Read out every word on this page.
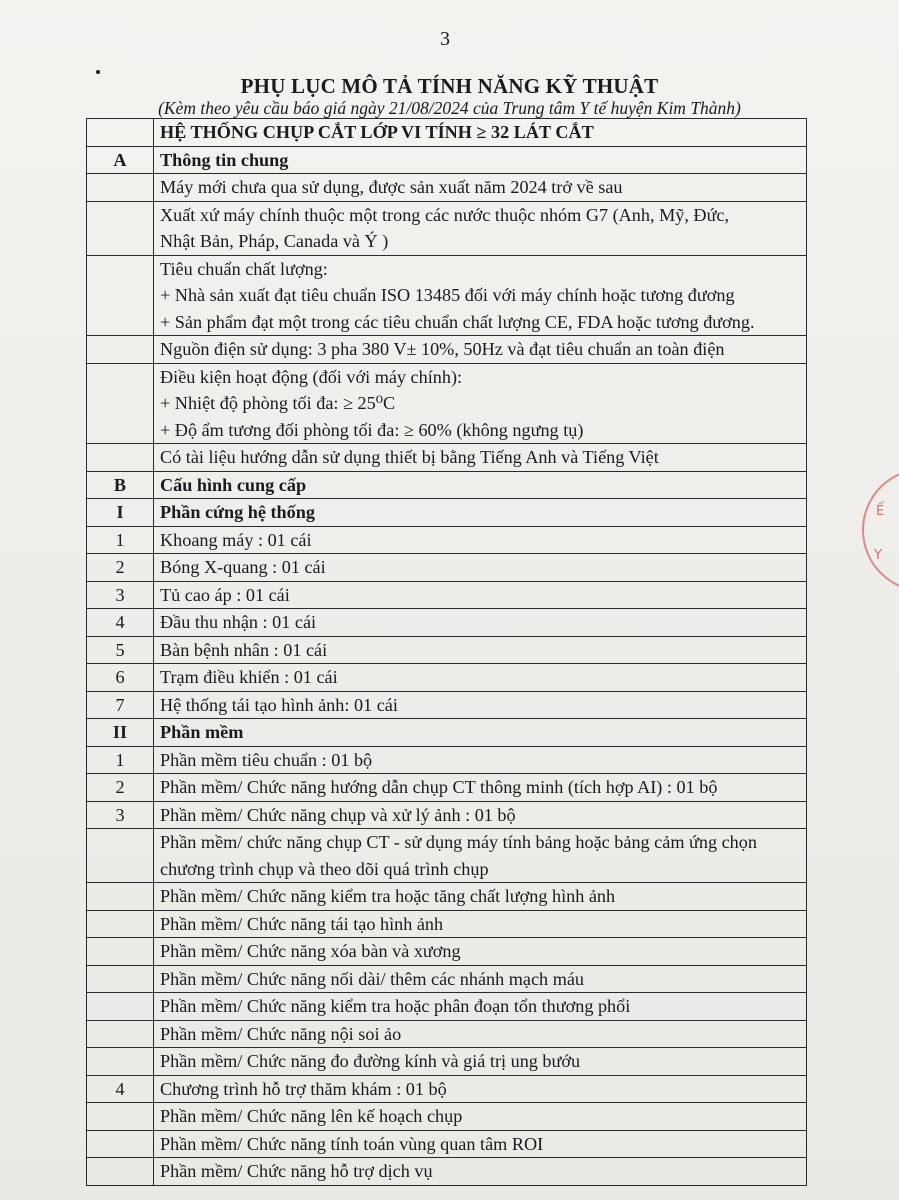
3
PHỤ LỤC MÔ TẢ TÍNH NĂNG KỸ THUẬT
(Kèm theo yêu cầu báo giá ngày 21/08/2024 của Trung tâm Y tế huyện Kim Thành)

	HỆ THỐNG CHỤP CẮT LỚP VI TÍNH ≥ 32 LÁT CẮT

A	Thông tin chung

	Máy mới chưa qua sử dụng, được sản xuất năm 2024 trở về sau

	Xuất xứ máy chính thuộc một trong các nước thuộc nhóm G7 (Anh, Mỹ, Đức,
Nhật Bản, Pháp, Canada và Ý )

	Tiêu chuẩn chất lượng:
+ Nhà sản xuất đạt tiêu chuẩn ISO 13485 đối với máy chính hoặc tương đương
+ Sản phẩm đạt một trong các tiêu chuẩn chất lượng CE, FDA hoặc tương đương.

	Nguồn điện sử dụng: 3 pha 380 V± 10%, 50Hz và đạt tiêu chuẩn an toàn điện

	Điều kiện hoạt động (đối với máy chính):
+ Nhiệt độ phòng tối đa: ≥ 25⁰C
+ Độ ẩm tương đối phòng tối đa: ≥ 60% (không ngưng tụ)

	Có tài liệu hướng dẫn sử dụng thiết bị bằng Tiếng Anh và Tiếng Việt

B	Cấu hình cung cấp

I	Phần cứng hệ thống

1	Khoang máy : 01 cái

2	Bóng X-quang : 01 cái

3	Tủ cao áp : 01 cái

4	Đầu thu nhận : 01 cái

5	Bàn bệnh nhân : 01 cái

6	Trạm điều khiển : 01 cái

7	Hệ thống tái tạo hình ảnh: 01 cái

II	Phần mềm

1	Phần mềm tiêu chuẩn : 01 bộ

2	Phần mềm/ Chức năng hướng dẫn chụp CT thông minh (tích hợp AI) : 01 bộ

3	Phần mềm/ Chức năng chụp và xử lý ảnh : 01 bộ

	Phần mềm/ chức năng chụp CT - sử dụng máy tính bảng hoặc bảng cảm ứng chọn
chương trình chụp và theo dõi quá trình chụp

	Phần mềm/ Chức năng kiểm tra hoặc tăng chất lượng hình ảnh

	Phần mềm/ Chức năng tái tạo hình ảnh

	Phần mềm/ Chức năng xóa bàn và xương

	Phần mềm/ Chức năng nối dài/ thêm các nhánh mạch máu

	Phần mềm/ Chức năng kiểm tra hoặc phân đoạn tổn thương phổi

	Phần mềm/ Chức năng nội soi ảo

	Phần mềm/ Chức năng đo đường kính và giá trị ung bướu

4	Chương trình hỗ trợ thăm khám : 01 bộ

	Phần mềm/ Chức năng lên kế hoạch chụp

	Phần mềm/ Chức năng tính toán vùng quan tâm ROI

	Phần mềm/ Chức năng hỗ trợ dịch vụ
Ế
Y
